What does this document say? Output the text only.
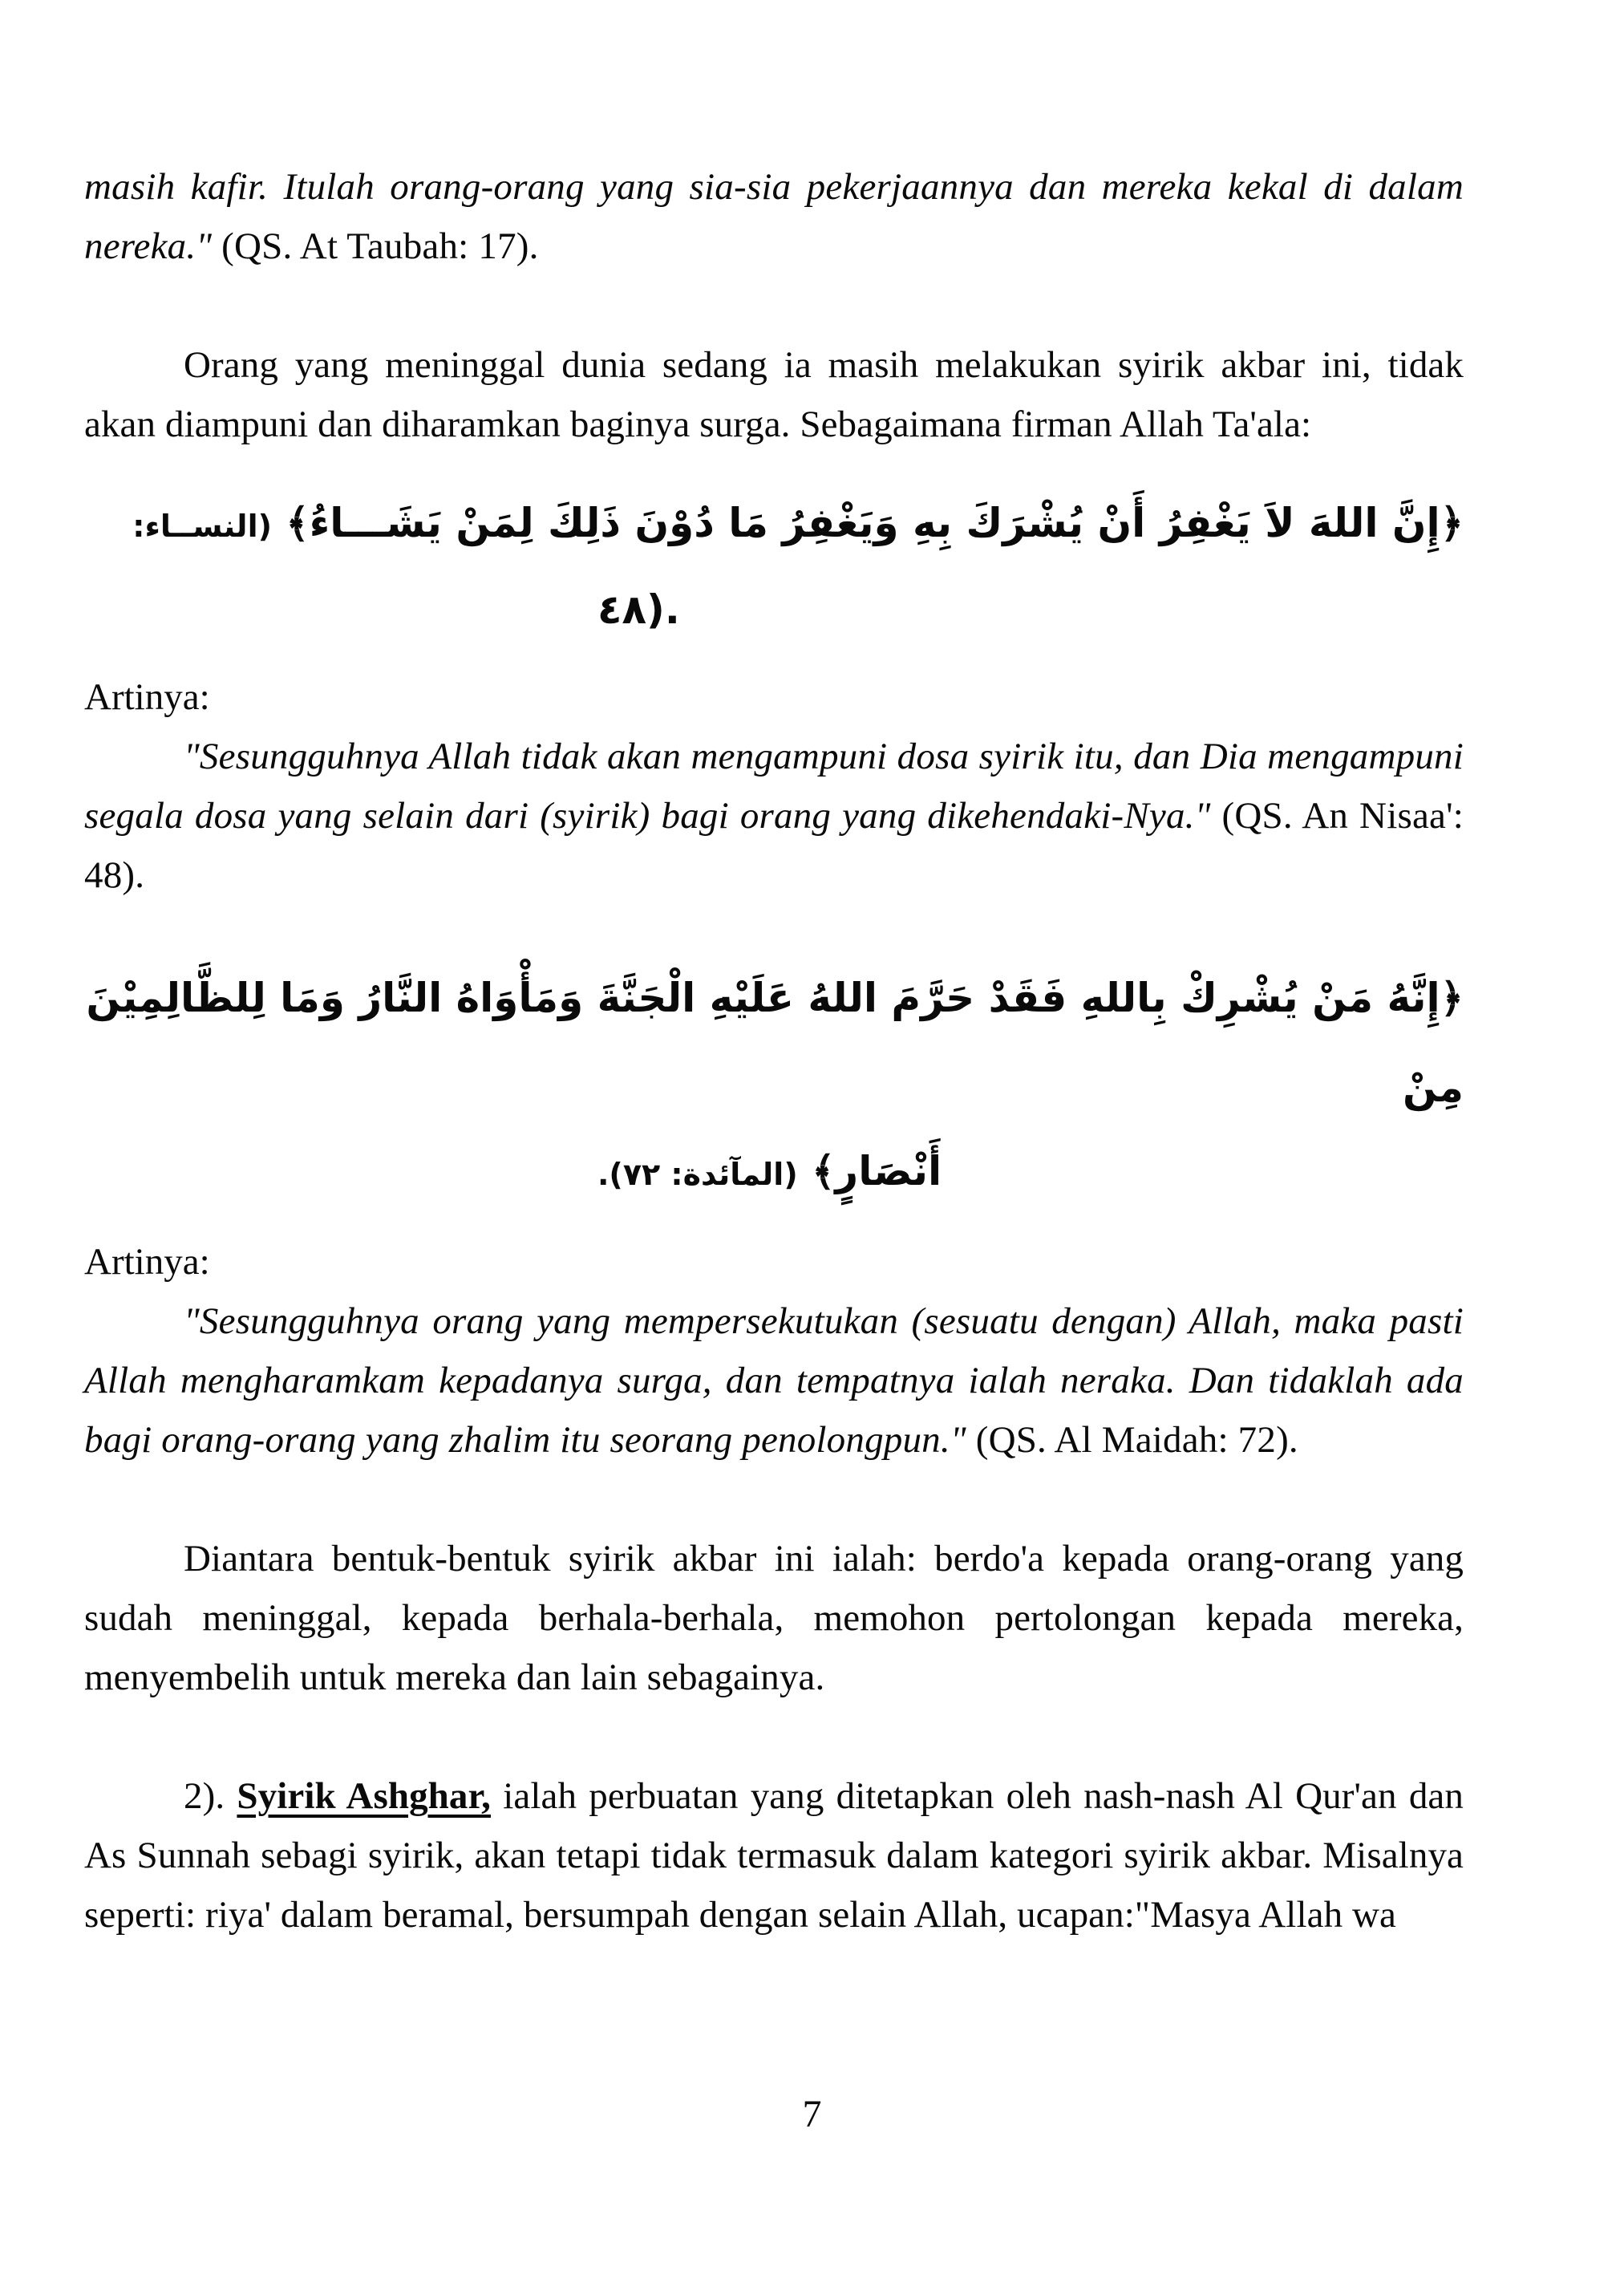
masih kafir. Itulah orang-orang yang sia-sia pekerjaannya dan mereka kekal di dalam nereka." (QS. At Taubah: 17).

Orang yang meninggal dunia sedang ia masih melakukan syirik akbar ini, tidak akan diampuni dan diharamkan baginya surga. Sebagaimana firman Allah Ta'ala:

﴿إِنَّ اللهَ لاَ يَغْفِرُ أَنْ يُشْرَكَ بِهِ وَيَغْفِرُ مَا دُوْنَ ذَلِكَ لِمَنْ يَشَـــاءُ﴾ (النســاء:

.(٤٨

Artinya:

"Sesungguhnya Allah tidak akan mengampuni dosa syirik itu, dan Dia mengampuni segala dosa yang selain dari (syirik) bagi orang yang dikehendaki-Nya." (QS. An Nisaa': 48).

﴿إِنَّهُ مَنْ يُشْرِكْ بِاللهِ فَقَدْ حَرَّمَ اللهُ عَلَيْهِ الْجَنَّةَ وَمَأْوَاهُ النَّارُ وَمَا لِلظَّالِمِيْنَ مِنْ

أَنْصَارٍ﴾ (المآئدة: ٧٢).

Artinya:

"Sesungguhnya orang yang mempersekutukan (sesuatu dengan) Allah, maka pasti Allah mengharamkam kepadanya surga, dan tempatnya ialah neraka. Dan tidaklah ada bagi orang-orang yang zhalim itu seorang penolongpun." (QS. Al Maidah: 72).

Diantara bentuk-bentuk syirik akbar ini ialah: berdo'a kepada orang-orang yang sudah meninggal, kepada berhala-berhala, memohon pertolongan kepada mereka, menyembelih untuk mereka dan lain sebagainya.

2). Syirik Ashghar, ialah perbuatan yang ditetapkan oleh nash-nash Al Qur'an dan As Sunnah sebagi syirik, akan tetapi tidak termasuk dalam kategori syirik akbar. Misalnya seperti: riya' dalam beramal, bersumpah dengan selain Allah, ucapan:"Masya Allah wa

7
